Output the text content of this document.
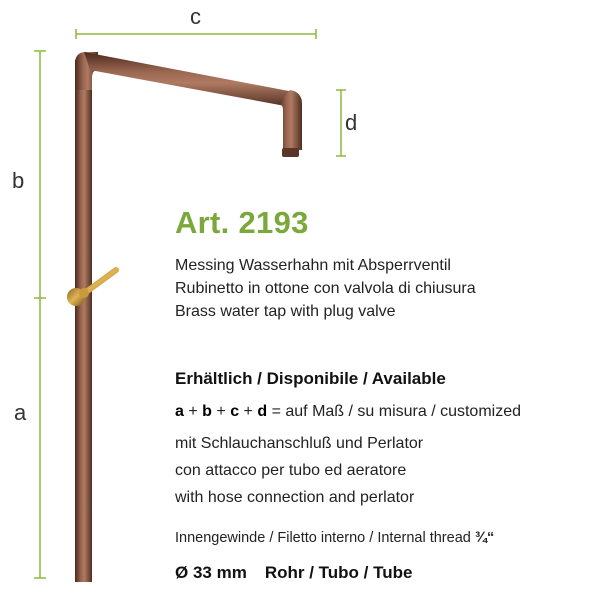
c
b
d
a
Art. 2193
Messing Wasserhahn mit Absperrventil
Rubinetto in ottone con valvola di chiusura
Brass water tap with plug valve
Erhältlich / Disponibile / Available
a + b + c + d = auf Maß / su misura / customized
mit Schlauchanschluß und Perlator
con attacco per tubo ed aeratore
with hose connection and perlator
Innengewinde / Filetto interno / Internal thread ¾“
Ø 33 mm Rohr / Tubo / Tube
